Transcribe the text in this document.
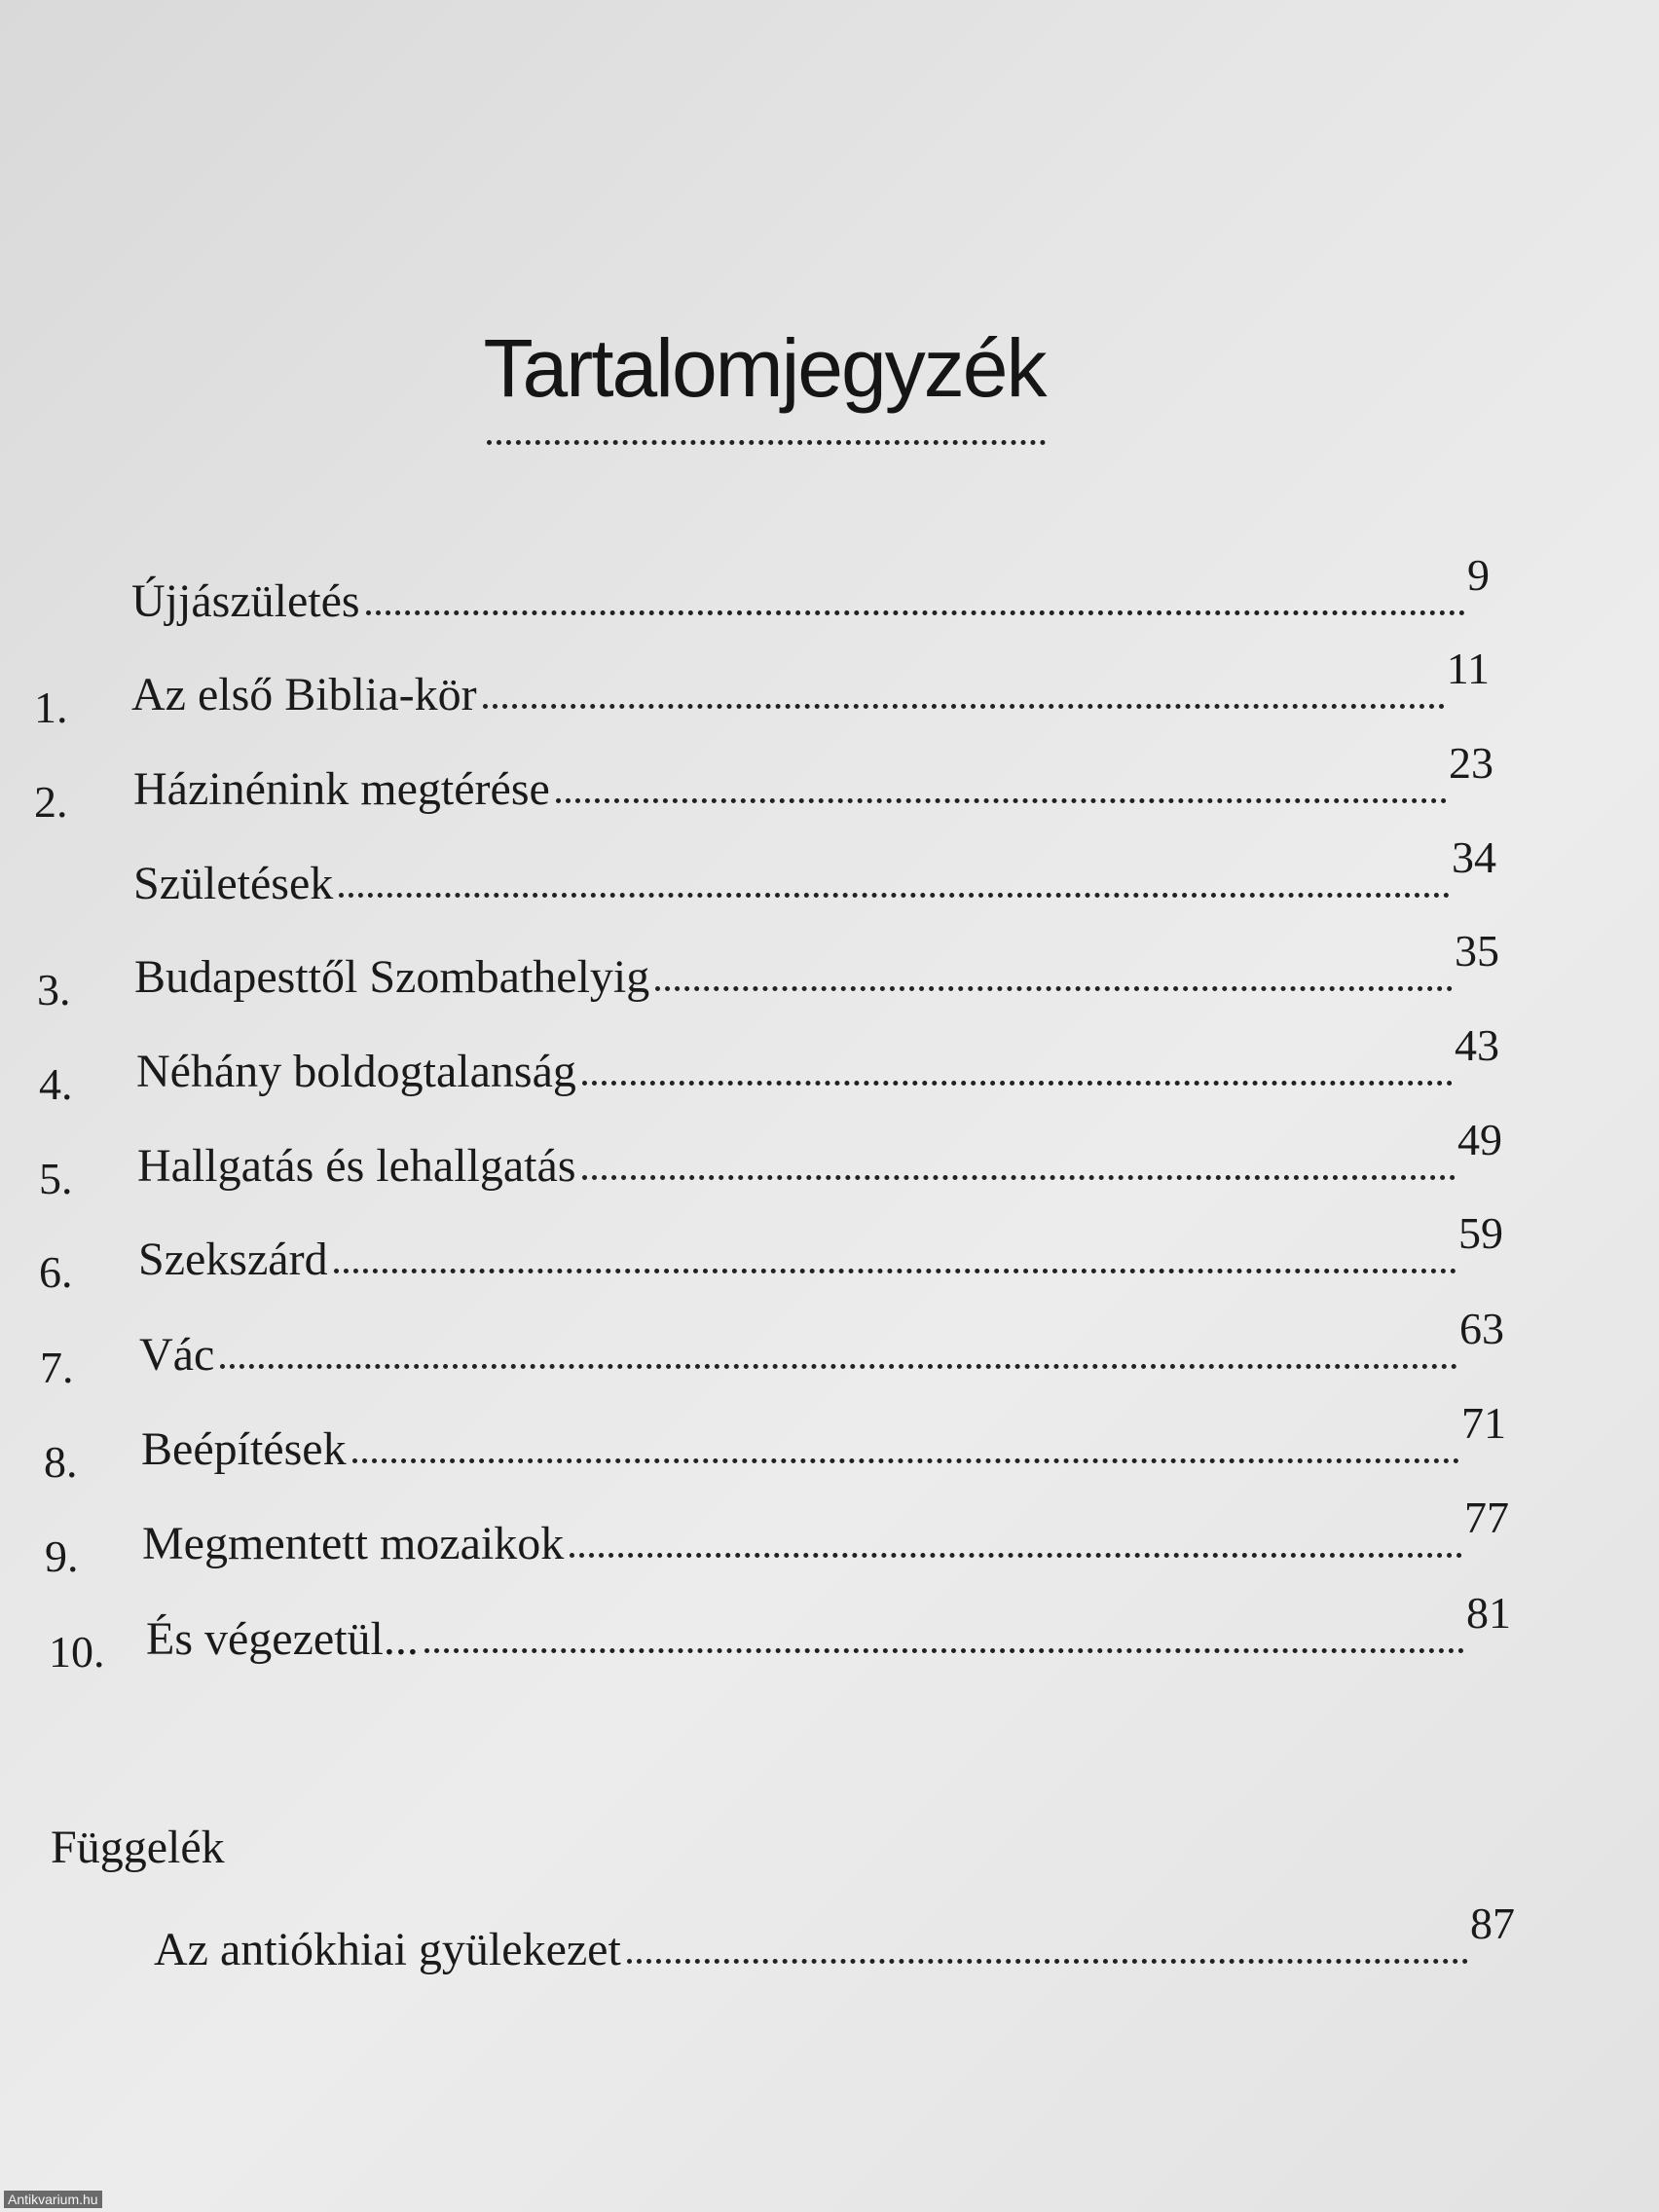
Tartalomjegyzék
Újjászületés
9
1. Az első Biblia-kör
11
2. Házinénink megtérése
23
Születések
34
3. Budapesttől Szombathelyig
35
4. Néhány boldogtalanság
43
5. Hallgatás és lehallgatás
49
6. Szekszárd
59
7. Vác
63
8. Beépítések
71
9. Megmentett mozaikok
77
10. És végezetül...
81
Függelék
Az antiókhiai gyülekezet
87
Antikvarium.hu
